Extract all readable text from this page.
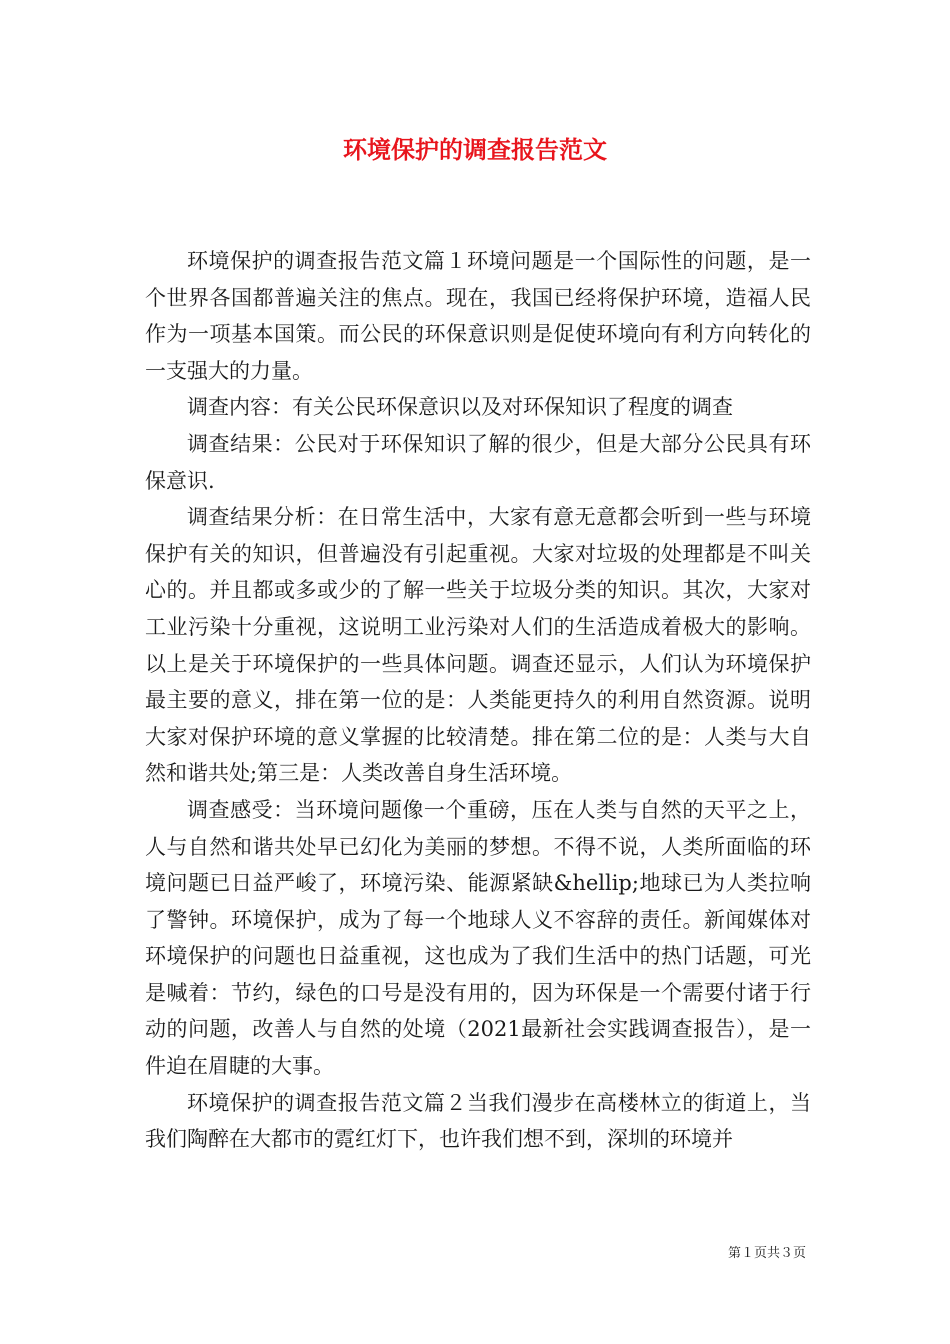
环境保护的调查报告范文

环境保护的调查报告范文篇１环境问题是一个国际性的问题，是一个世界各国都普遍关注的焦点。现在，我国已经将保护环境，造福人民作为一项基本国策。而公民的环保意识则是促使环境向有利方向转化的一支强大的力量。

调查内容：有关公民环保意识以及对环保知识了程度的调查

调查结果：公民对于环保知识了解的很少，但是大部分公民具有环保意识.

调查结果分析：在日常生活中，大家有意无意都会听到一些与环境保护有关的知识，但普遍没有引起重视。大家对垃圾的处理都是不叫关心的。并且都或多或少的了解一些关于垃圾分类的知识。其次，大家对工业污染十分重视，这说明工业污染对人们的生活造成着极大的影响。以上是关于环境保护的一些具体问题。调查还显示，人们认为环境保护最主要的意义，排在第一位的是：人类能更持久的利用自然资源。说明大家对保护环境的意义掌握的比较清楚。排在第二位的是：人类与大自然和谐共处;第三是：人类改善自身生活环境。

调查感受：当环境问题像一个重磅，压在人类与自然的天平之上，人与自然和谐共处早已幻化为美丽的梦想。不得不说，人类所面临的环境问题已日益严峻了，环境污染、能源紧缺&hellip;地球已为人类拉响了警钟。环境保护，成为了每一个地球人义不容辞的责任。新闻媒体对环境保护的问题也日益重视，这也成为了我们生活中的热门话题，可光是喊着：节约，绿色的口号是没有用的，因为环保是一个需要付诸于行动的问题，改善人与自然的处境（2021最新社会实践调查报告），是一件迫在眉睫的大事。

环境保护的调查报告范文篇２当我们漫步在高楼林立的街道上，当我们陶醉在大都市的霓红灯下，也许我们想不到，深圳的环境并

第１页共３页
